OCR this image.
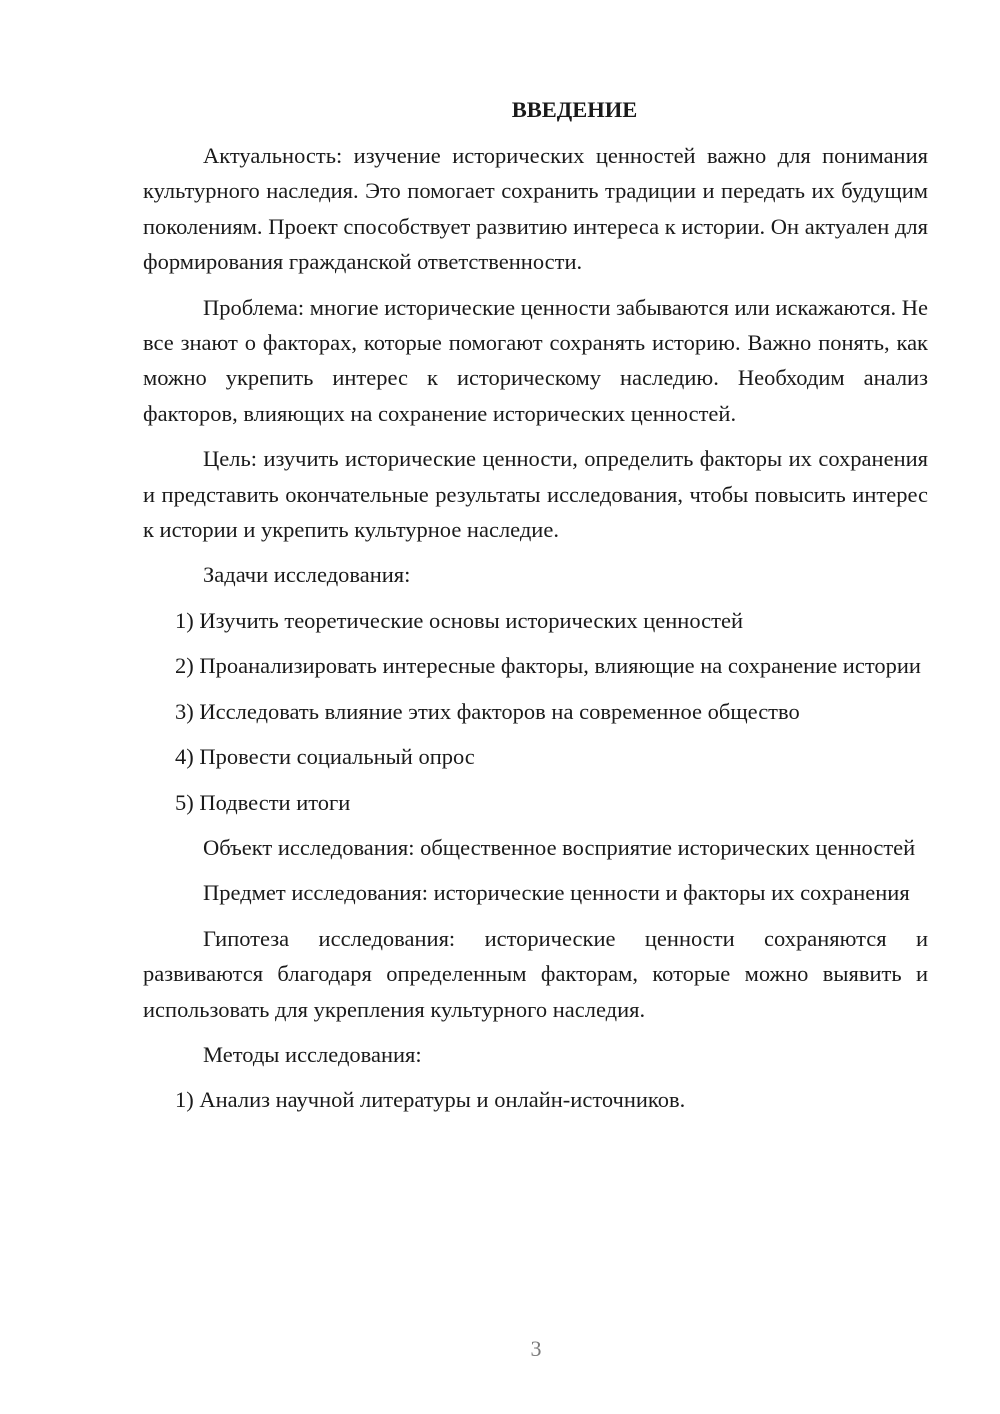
ВВЕДЕНИЕ

Актуальность: изучение исторических ценностей важно для понимания культурного наследия. Это помогает сохранить традиции и передать их будущим поколениям. Проект способствует развитию интереса к истории. Он актуален для формирования гражданской ответственности.

Проблема: многие исторические ценности забываются или искажаются. Не все знают о факторах, которые помогают сохранять историю. Важно понять, как можно укрепить интерес к историческому наследию. Необходим анализ факторов, влияющих на сохранение исторических ценностей.

Цель: изучить исторические ценности, определить факторы их сохранения и представить окончательные результаты исследования, чтобы повысить интерес к истории и укрепить культурное наследие.

Задачи исследования:

1) Изучить теоретические основы исторических ценностей

2) Проанализировать интересные факторы, влияющие на сохранение истории

3) Исследовать влияние этих факторов на современное общество

4) Провести социальный опрос

5) Подвести итоги

Объект исследования: общественное восприятие исторических ценностей

Предмет исследования: исторические ценности и факторы их сохранения

Гипотеза исследования: исторические ценности сохраняются и развиваются благодаря определенным факторам, которые можно выявить и использовать для укрепления культурного наследия.

Методы исследования:

1) Анализ научной литературы и онлайн-источников.

3
